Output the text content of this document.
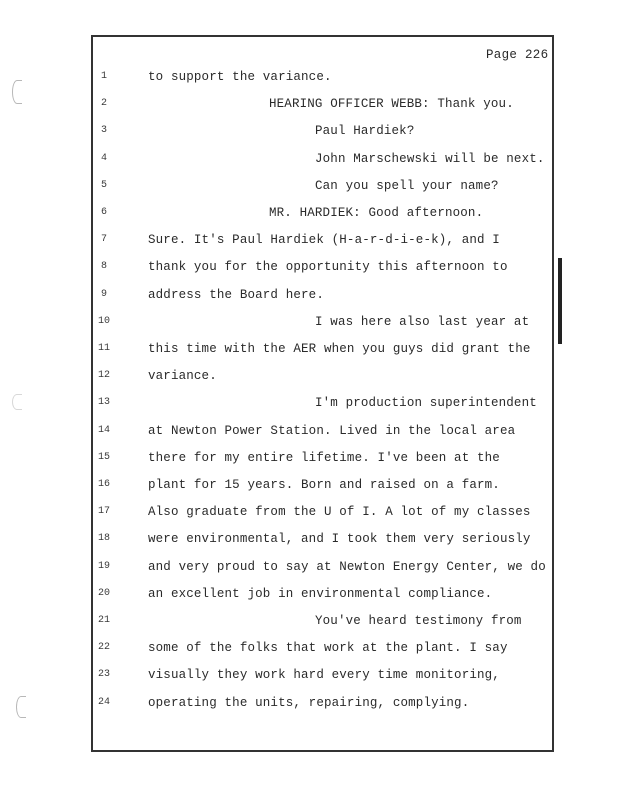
Page 226
1	to support the variance.
2	HEARING OFFICER WEBB: Thank you.
3	Paul Hardiek?
4	John Marschewski will be next.
5	Can you spell your name?
6	MR. HARDIEK: Good afternoon.
7	Sure. It's Paul Hardiek (H-a-r-d-i-e-k), and I
8	thank you for the opportunity this afternoon to
9	address the Board here.
10	I was here also last year at
11	this time with the AER when you guys did grant the
12	variance.
13	I'm production superintendent
14	at Newton Power Station. Lived in the local area
15	there for my entire lifetime. I've been at the
16	plant for 15 years. Born and raised on a farm.
17	Also graduate from the U of I. A lot of my classes
18	were environmental, and I took them very seriously
19	and very proud to say at Newton Energy Center, we do
20	an excellent job in environmental compliance.
21	You've heard testimony from
22	some of the folks that work at the plant. I say
23	visually they work hard every time monitoring,
24	operating the units, repairing, complying.
